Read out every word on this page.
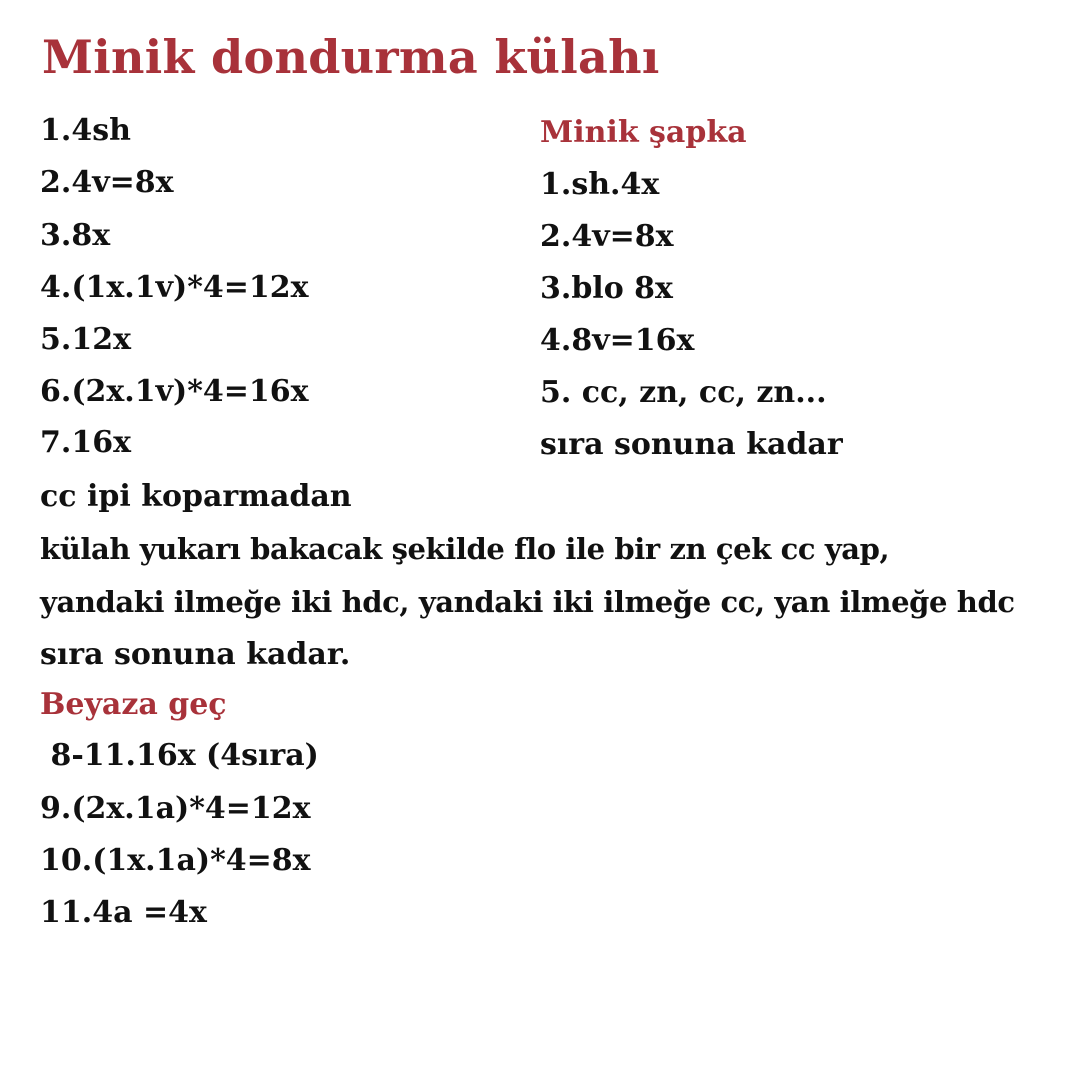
Minik dondurma külahı
1.4sh
2.4v=8x
3.8x
4.(1x.1v)*4=12x
5.12x
6.(2x.1v)*4=16x
7.16x
Minik şapka
1.sh.4x
2.4v=8x
3.blo 8x
4.8v=16x
5. cc, zn, cc, zn...
sıra sonuna kadar
cc ipi koparmadan
külah yukarı bakacak şekilde flo ile bir zn çek cc yap,
yandaki ilmeğe iki hdc, yandaki iki ilmeğe cc, yan ilmeğe hdc
sıra sonuna kadar.
Beyaza geç
8-11.16x (4sıra)
9.(2x.1a)*4=12x
10.(1x.1a)*4=8x
11.4a =4x
